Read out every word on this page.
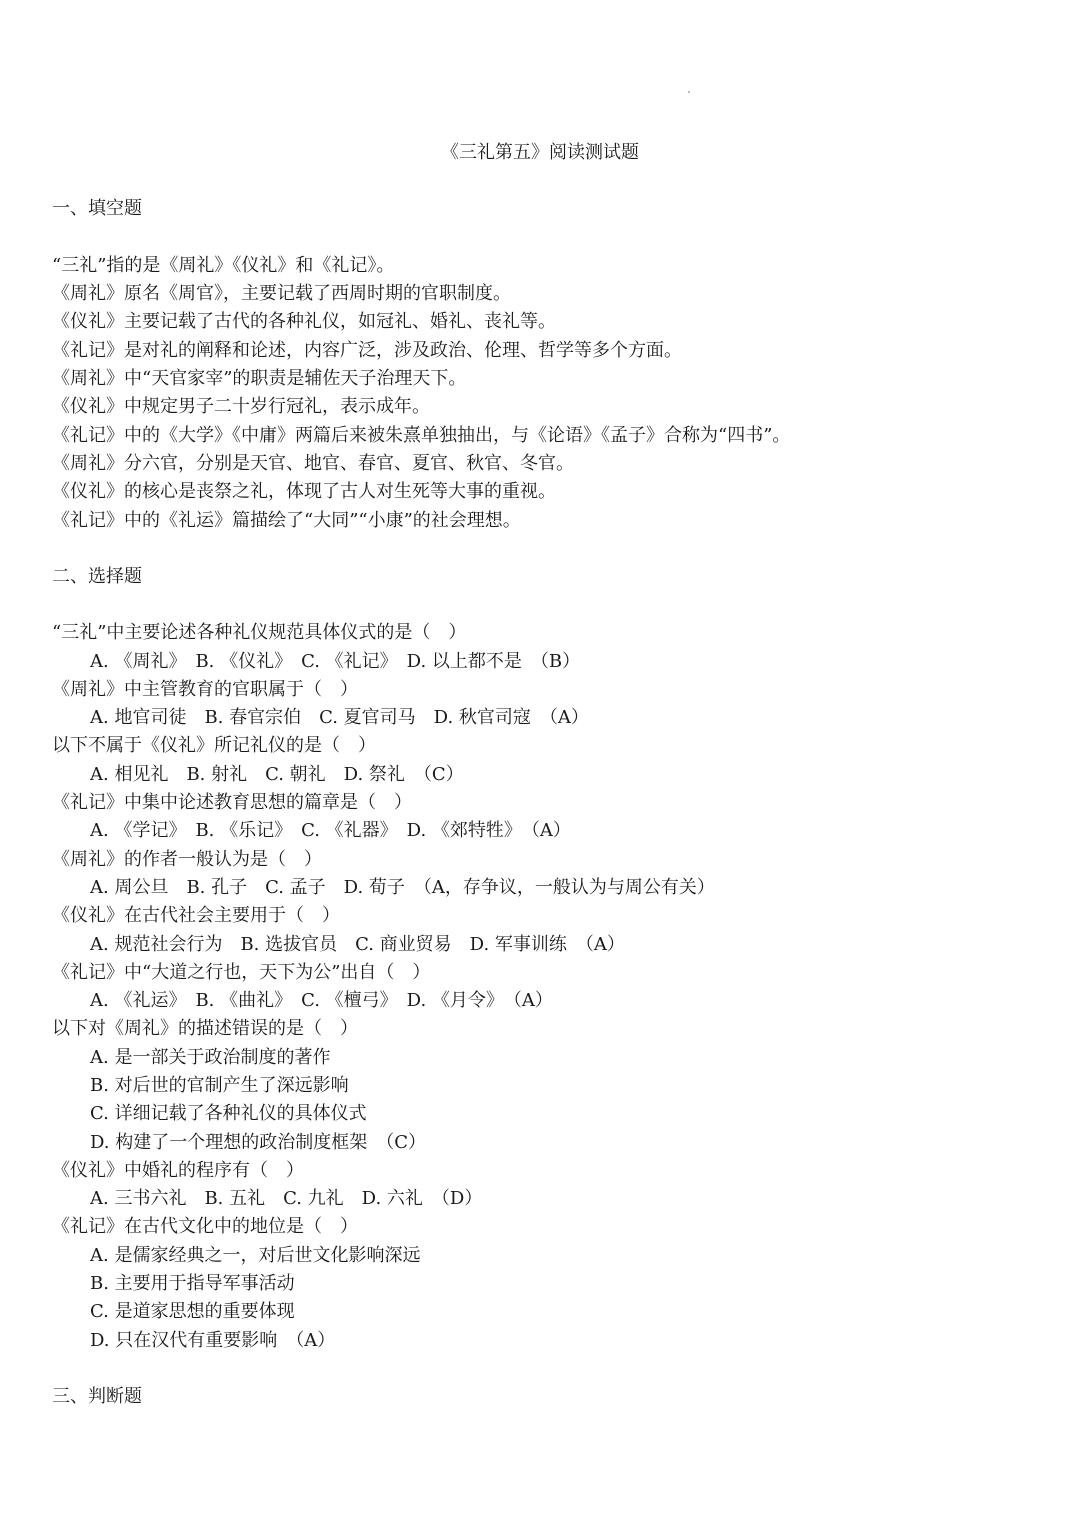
《三礼第五》阅读测试题
一、填空题
“三礼”指的是《周礼》《仪礼》和《礼记》。
《周礼》原名《周官》，主要记载了西周时期的官职制度。
《仪礼》主要记载了古代的各种礼仪，如冠礼、婚礼、丧礼等。
《礼记》是对礼的阐释和论述，内容广泛，涉及政治、伦理、哲学等多个方面。
《周礼》中“天官家宰”的职责是辅佐天子治理天下。
《仪礼》中规定男子二十岁行冠礼，表示成年。
《礼记》中的《大学》《中庸》两篇后来被朱熹单独抽出，与《论语》《孟子》合称为“四书”。
《周礼》分六官，分别是天官、地官、春官、夏官、秋官、冬官。
《仪礼》的核心是丧祭之礼，体现了古人对生死等大事的重视。
《礼记》中的《礼运》篇描绘了“大同”“小康”的社会理想。
二、选择题
“三礼”中主要论述各种礼仪规范具体仪式的是（　）
A. 《周礼》　B. 《仪礼》　C. 《礼记》　D. 以上都不是　（B）
《周礼》中主管教育的官职属于（　）
A. 地官司徒　B. 春官宗伯　C. 夏官司马　D. 秋官司寇　（A）
以下不属于《仪礼》所记礼仪的是（　）
A. 相见礼　B. 射礼　C. 朝礼　D. 祭礼　（C）
《礼记》中集中论述教育思想的篇章是（　）
A. 《学记》　B. 《乐记》　C. 《礼器》　D. 《郊特牲》　（A）
《周礼》的作者一般认为是（　）
A. 周公旦　B. 孔子　C. 孟子　D. 荀子　（A，存争议，一般认为与周公有关）
《仪礼》在古代社会主要用于（　）
A. 规范社会行为　B. 选拔官员　C. 商业贸易　D. 军事训练　（A）
《礼记》中“大道之行也，天下为公”出自（　）
A. 《礼运》　B. 《曲礼》　C. 《檀弓》　D. 《月令》　（A）
以下对《周礼》的描述错误的是（　）
A. 是一部关于政治制度的著作
B. 对后世的官制产生了深远影响
C. 详细记载了各种礼仪的具体仪式
D. 构建了一个理想的政治制度框架　（C）
《仪礼》中婚礼的程序有（　）
A. 三书六礼　B. 五礼　C. 九礼　D. 六礼　（D）
《礼记》在古代文化中的地位是（　）
A. 是儒家经典之一，对后世文化影响深远
B. 主要用于指导军事活动
C. 是道家思想的重要体现
D. 只在汉代有重要影响　（A）
三、判断题
